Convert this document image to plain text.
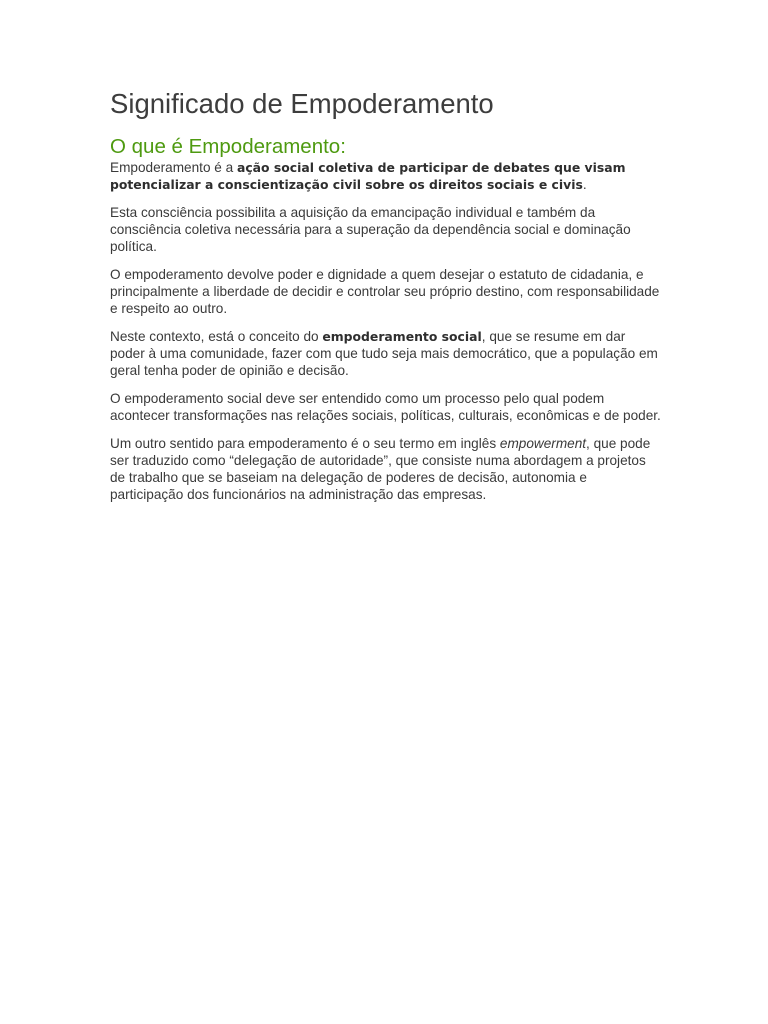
Significado de Empoderamento
O que é Empoderamento:

Empoderamento é a ação social coletiva de participar de debates que visam potencializar a conscientização civil sobre os direitos sociais e civis.

Esta consciência possibilita a aquisição da emancipação individual e também da consciência coletiva necessária para a superação da dependência social e dominação política.

O empoderamento devolve poder e dignidade a quem desejar o estatuto de cidadania, e principalmente a liberdade de decidir e controlar seu próprio destino, com responsabilidade e respeito ao outro.

Neste contexto, está o conceito do empoderamento social, que se resume em dar poder à uma comunidade, fazer com que tudo seja mais democrático, que a população em geral tenha poder de opinião e decisão.

O empoderamento social deve ser entendido como um processo pelo qual podem acontecer transformações nas relações sociais, políticas, culturais, econômicas e de poder.

Um outro sentido para empoderamento é o seu termo em inglês empowerment, que pode ser traduzido como “delegação de autoridade”, que consiste numa abordagem a projetos de trabalho que se baseiam na delegação de poderes de decisão, autonomia e participação dos funcionários na administração das empresas.
